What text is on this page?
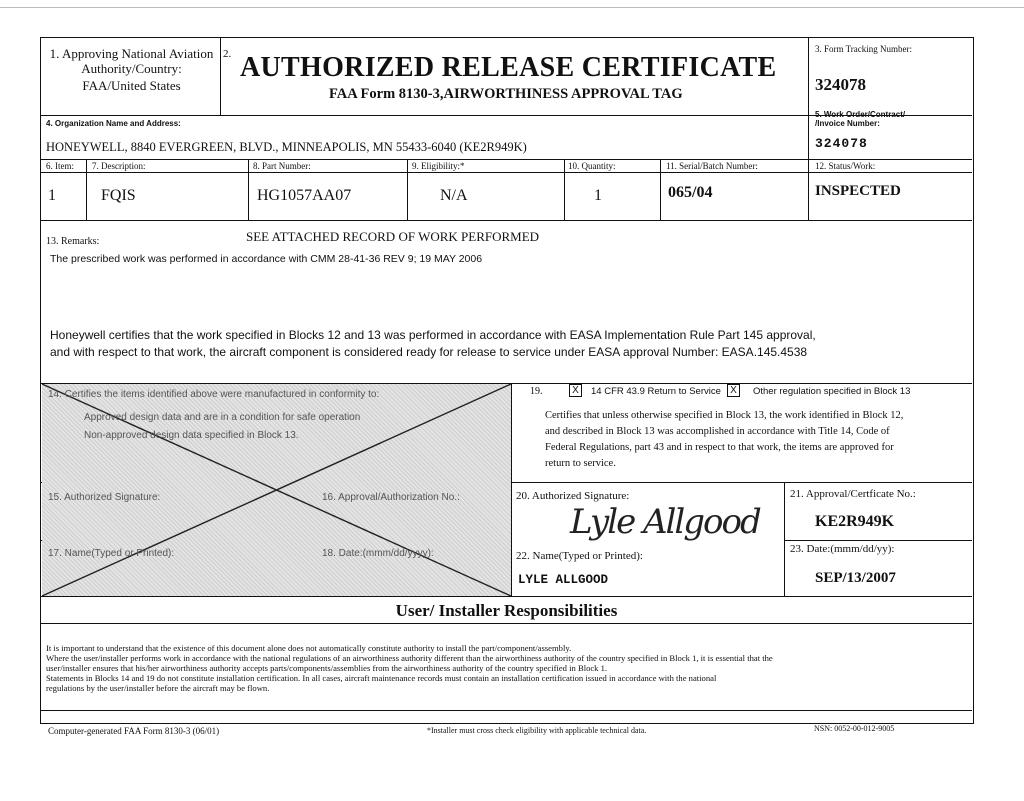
1. Approving National Aviation
Authority/Country:
FAA/United States
2. AUTHORIZED RELEASE CERTIFICATE
FAA Form 8130-3,AIRWORTHINESS APPROVAL TAG
3. Form Tracking Number:
324078
4. Organization Name and Address:
HONEYWELL, 8840 EVERGREEN, BLVD., MINNEAPOLIS, MN 55433-6040 (KE2R949K)
5. Work Order/Contract/
/Invoice Number:
324078
6. Item: 7. Description:	8. Part Number:	9. Eligibility:*	10. Quantity:	11. Serial/Batch Number:	12. Status/Work:
1	FQIS	HG1057AA07	N/A	1	065/04	INSPECTED
13. Remarks:	SEE ATTACHED RECORD OF WORK PERFORMED
The prescribed work was performed in accordance with CMM 28-41-36 REV 9; 19 MAY 2006
Honeywell certifies that the work specified in Blocks 12 and 13 was performed in accordance with EASA Implementation Rule Part 145 approval,
and with respect to that work, the aircraft component is considered ready for release to service under EASA approval Number: EASA.145.4538
14. Certifies the items identified above were manufactured in conformity to:
Approved design data and are in a condition for safe operation
Non-approved design data specified in Block 13.
15. Authorized Signature:	16. Approval/Authorization No.:
17. Name(Typed or Printed):	18. Date:(mmm/dd/yyyy):
19.	X	14 CFR 43.9 Return to Service X	Other regulation specified in Block 13
Certifies that unless otherwise specified in Block 13, the work identified in Block 12,
and described in Block 13 was accomplished in accordance with Title 14, Code of
Federal Regulations, part 43 and in respect to that work, the items are approved for
return to service.
20. Authorized Signature:
Lyle Allgood
21. Approval/Certficate No.:
KE2R949K
22. Name(Typed or Printed):
LYLE ALLGOOD
23. Date:(mmm/dd/yy):
SEP/13/2007
User/ Installer Responsibilities
It is important to understand that the existence of this document alone does not automatically constitute authority to install the part/component/assembly.
Where the user/installer performs work in accordance with the national regulations of an airworthiness authority different than the airworthiness authority of the country specified in Block 1, it is essential that the
user/installer ensures that his/her airworthiness authority accepts parts/components/assemblies from the airworthiness authority of the country specified in Block 1.
Statements in Blocks 14 and 19 do not constitute installation certification. In all cases, aircraft maintenance records must contain an installation certification issued in accordance with the national
regulations by the user/installer before the aircraft may be flown.
Computer-generated FAA Form 8130-3 (06/01)	*Installer must cross check eligibility with applicable technical data.	NSN: 0052-00-012-9005
